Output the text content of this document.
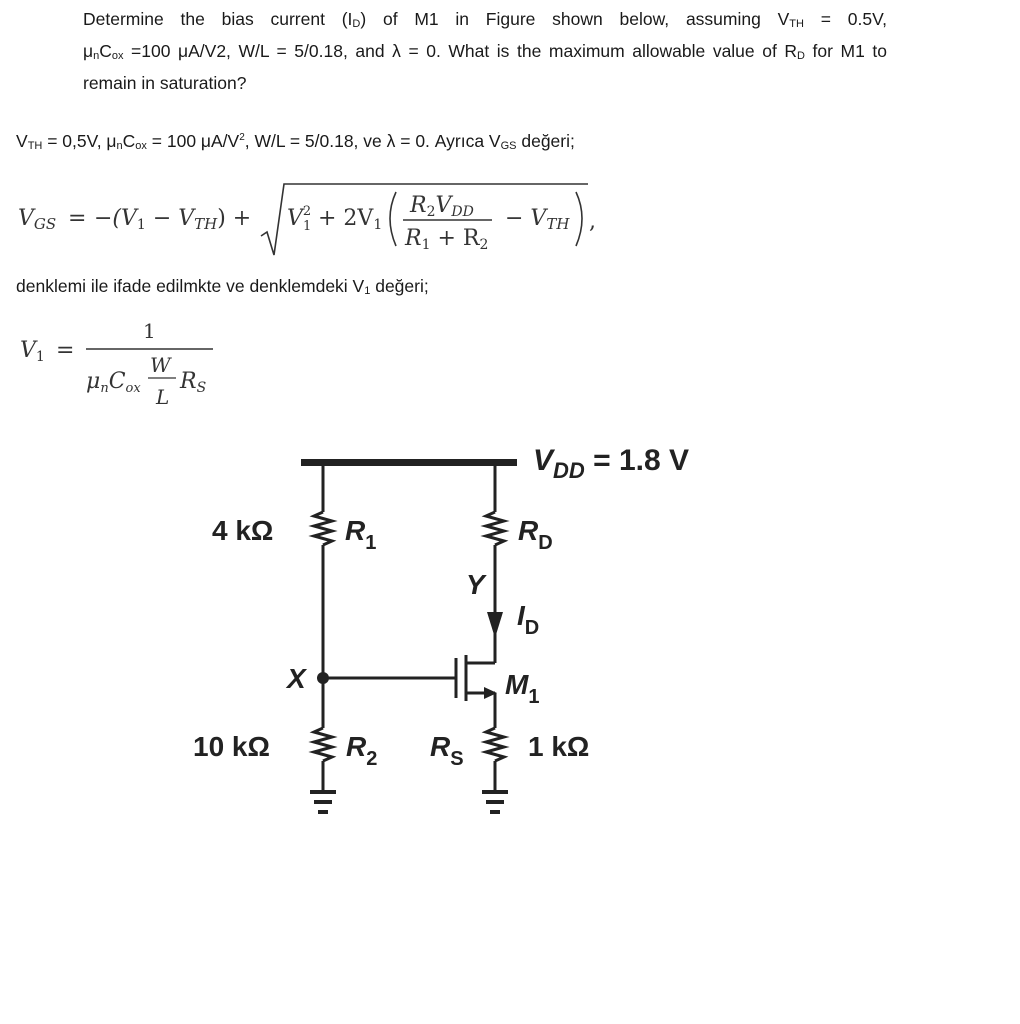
Determine the bias current $(I_D)$ of M1 in Figure shown below, assuming $V_{TH} = 0.5V$,
$\mu_nC_{ox} =100$ μA/V2, W/L = 5/0.18, and λ = 0. What is the maximum allowable value of $R_D$ for M1 to
remain in saturation?
$V_{TH} = 0,5V$, $\mu_nC_{ox} = 100$ $\mu A/V^2$, W/L = 5/0.18, ve λ = 0. Ayrıca $V_{GS}$ değeri;
VGS = $-(V1 - VTH) + V^2$
1 + 2V1
R2VDD
R1 + R2
− VTH ,
denklemi ile ifade edilmkte ve denklemdeki $V_1$ değeri;
V1 =
1
W
L
μnCox RS
$V_{DD} = 1.8$ V
4 kΩ	$R_1$
X
10 kΩ	$R_2$
$R_D$
Y
$I_D$
$M_1$
$R_S$ 1 kΩ
